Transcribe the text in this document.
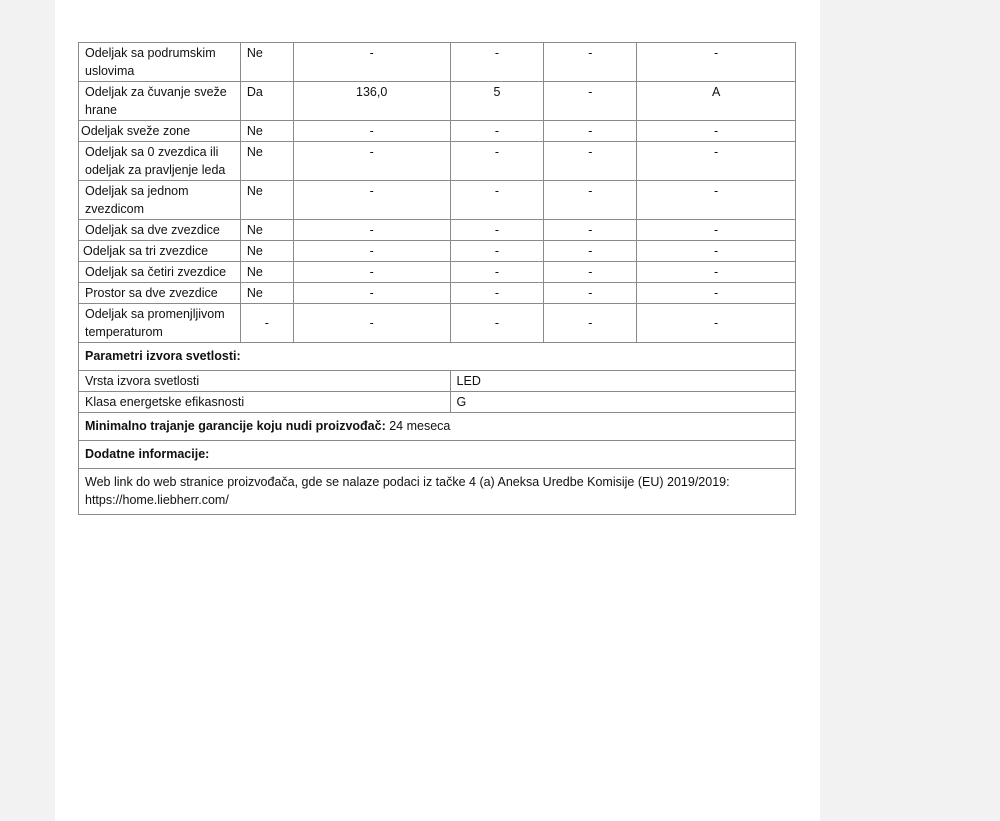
Odeljak sa podrumskim uslovima	Ne	-	-	-	-
Odeljak za čuvanje sveže hrane	Da	136,0	5	-	A
Odeljak sveže zone	Ne	-	-	-	-
Odeljak sa 0 zvezdica ili odeljak za pravljenje leda	Ne	-	-	-	-
Odeljak sa jednom zvezdicom	Ne	-	-	-	-
Odeljak sa dve zvezdice	Ne	-	-	-	-
Odeljak sa tri zvezdice	Ne	-	-	-	-
Odeljak sa četiri zvezdice	Ne	-	-	-	-
Prostor sa dve zvezdice	Ne	-	-	-	-
Odeljak sa promenjljivom temperaturom	-	-	-	-	-
Parametri izvora svetlosti:					
Vrsta izvora svetlosti			LED		
Klasa energetske efikasnosti			G		
Minimalno trajanje garancije koju nudi proizvođač: 24 meseca					
Dodatne informacije:					
Web link do web stranice proizvođača, gde se nalaze podaci iz tačke 4 (a) Aneksa Uredbe Komisije (EU) 2019/2019: https://home.liebherr.com/					
